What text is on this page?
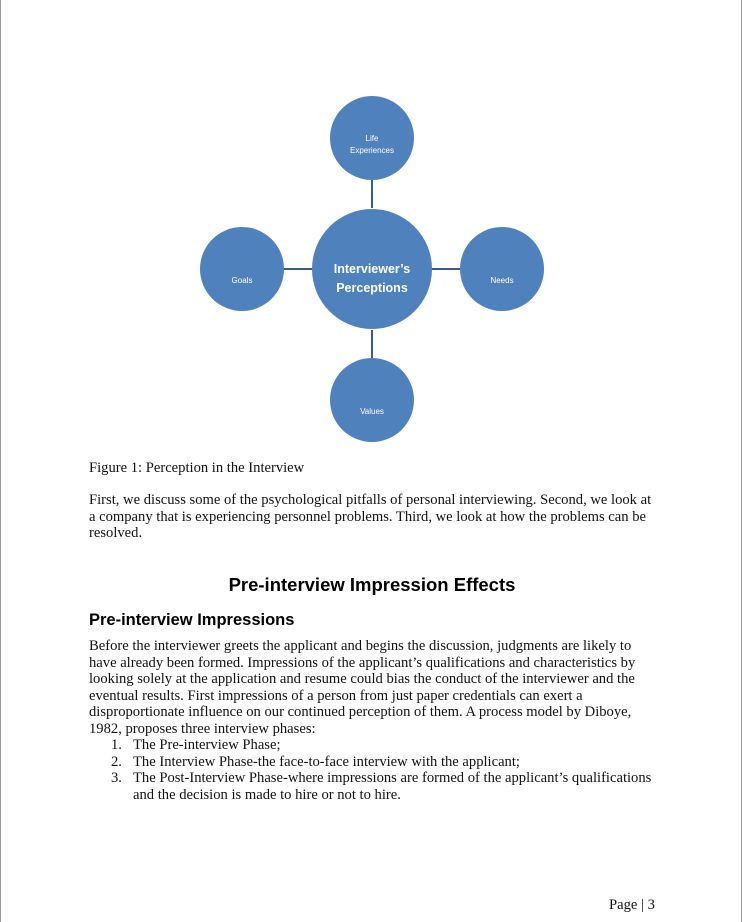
Interviewer’s
Perceptions
Life
Experiences
Goals	Needs
Values
Figure 1: Perception in the Interview
First, we discuss some of the psychological pitfalls of personal interviewing. Second, we look at a company that is experiencing personnel problems. Third, we look at how the problems can be resolved.
Pre-interview Impression Effects
Pre-interview Impressions
Before the interviewer greets the applicant and begins the discussion, judgments are likely to have already been formed. Impressions of the applicant’s qualifications and characteristics by looking solely at the application and resume could bias the conduct of the interviewer and the eventual results. First impressions of a person from just paper credentials can exert a disproportionate influence on our continued perception of them. A process model by Diboye, 1982, proposes three interview phases:
1. The Pre-interview Phase;
2. The Interview Phase-the face-to-face interview with the applicant;
3. The Post-Interview Phase-where impressions are formed of the applicant’s qualifications and the decision is made to hire or not to hire.
Page | 3
